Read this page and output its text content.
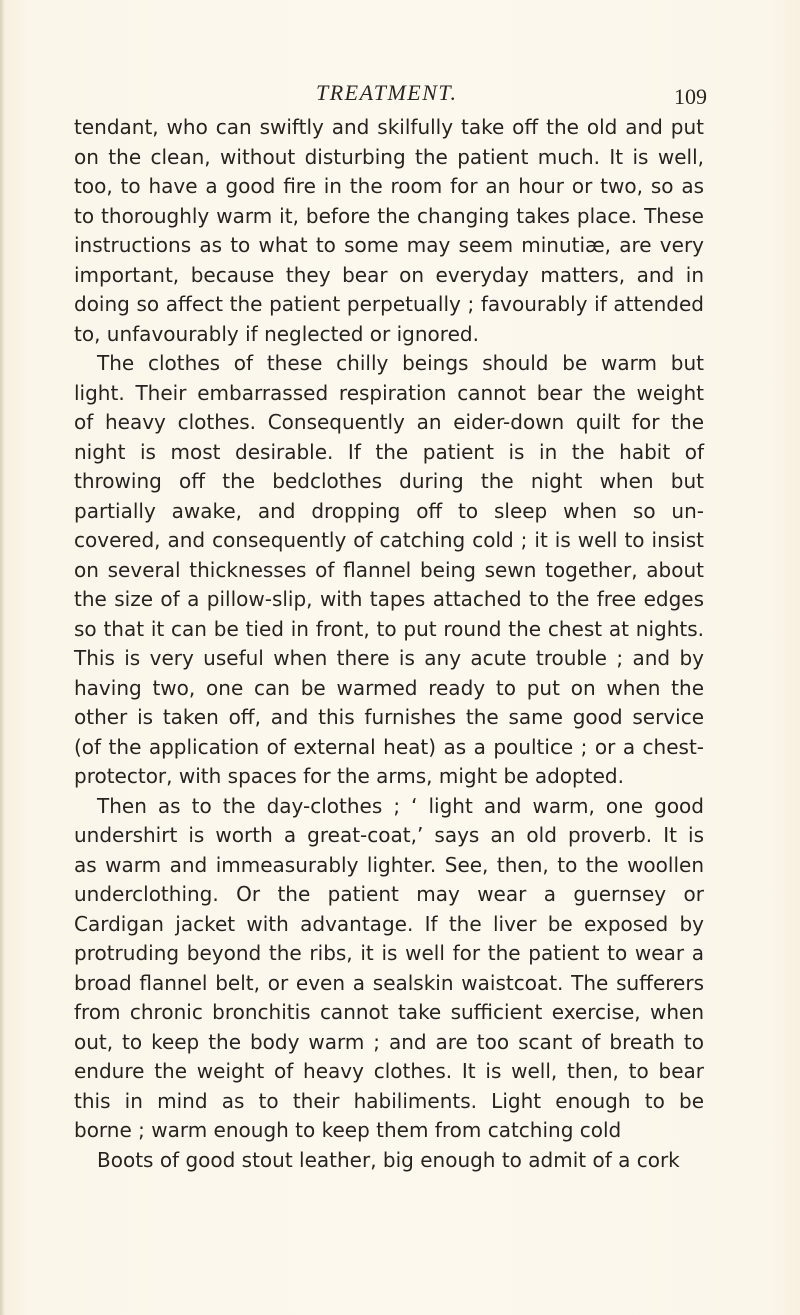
TREATMENT.	109
tendant, who can swiftly and skilfully take off the old and put
on the clean, without disturbing the patient much. It is well,
too, to have a good fire in the room for an hour or two, so as
to thoroughly warm it, before the changing takes place. These
instructions as to what to some may seem minutiæ, are very
important, because they bear on everyday matters, and in
doing so affect the patient perpetually ; favourably if attended
to, unfavourably if neglected or ignored.
The clothes of these chilly beings should be warm but
light. Their embarrassed respiration cannot bear the weight
of heavy clothes. Consequently an eider-down quilt for the
night is most desirable. If the patient is in the habit of
throwing off the bedclothes during the night when but
partially awake, and dropping off to sleep when so un-
covered, and consequently of catching cold ; it is well to insist
on several thicknesses of flannel being sewn together, about
the size of a pillow-slip, with tapes attached to the free edges
so that it can be tied in front, to put round the chest at nights.
This is very useful when there is any acute trouble ; and by
having two, one can be warmed ready to put on when the
other is taken off, and this furnishes the same good service
(of the application of external heat) as a poultice ; or a chest-
protector, with spaces for the arms, might be adopted.
Then as to the day-clothes ; ‘ light and warm, one good
undershirt is worth a great-coat,’ says an old proverb. It is
as warm and immeasurably lighter. See, then, to the woollen
underclothing. Or the patient may wear a guernsey or
Cardigan jacket with advantage. If the liver be exposed by
protruding beyond the ribs, it is well for the patient to wear a
broad flannel belt, or even a sealskin waistcoat. The sufferers
from chronic bronchitis cannot take sufficient exercise, when
out, to keep the body warm ; and are too scant of breath to
endure the weight of heavy clothes. It is well, then, to bear
this in mind as to their habiliments. Light enough to be
borne ; warm enough to keep them from catching cold
Boots of good stout leather, big enough to admit of a cork
